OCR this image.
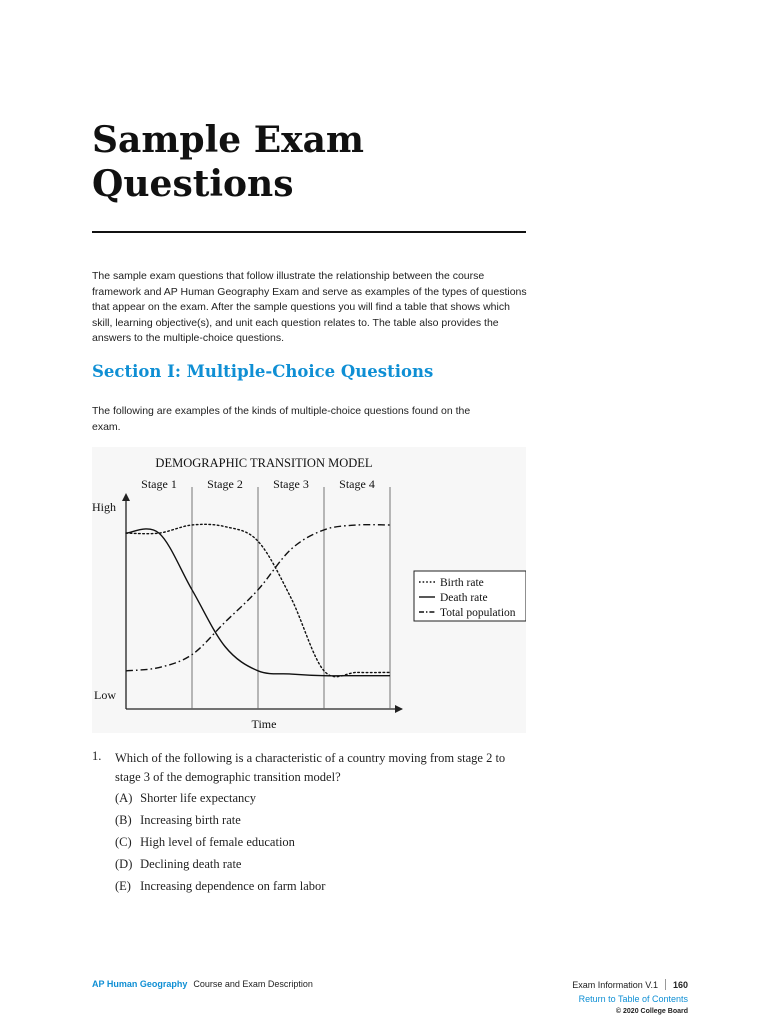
Sample Exam
Questions

The sample exam questions that follow illustrate the relationship between the course framework and AP Human Geography Exam and serve as examples of the types of questions that appear on the exam. After the sample questions you will find a table that shows which skill, learning objective(s), and unit each question relates to. The table also provides the answers to the multiple-choice questions.

Section I: Multiple-Choice Questions

The following are examples of the kinds of multiple-choice questions found on the exam.

DEMOGRAPHIC TRANSITION MODEL
High
Low
Time
Stage 1	Stage 2	Stage 3	Stage 4
Birth rate
Death rate
Total population
1. Which of the following is a characteristic of a country moving from stage 2 to stage 3 of the demographic transition model?
(A) Shorter life expectancy
(B) Increasing birth rate
(C) High level of female education
(D) Declining death rate
(E) Increasing dependence on farm labor
AP Human Geography Course and Exam Description	Exam Information V.1 160
Return to Table of Contents
© 2020 College Board
